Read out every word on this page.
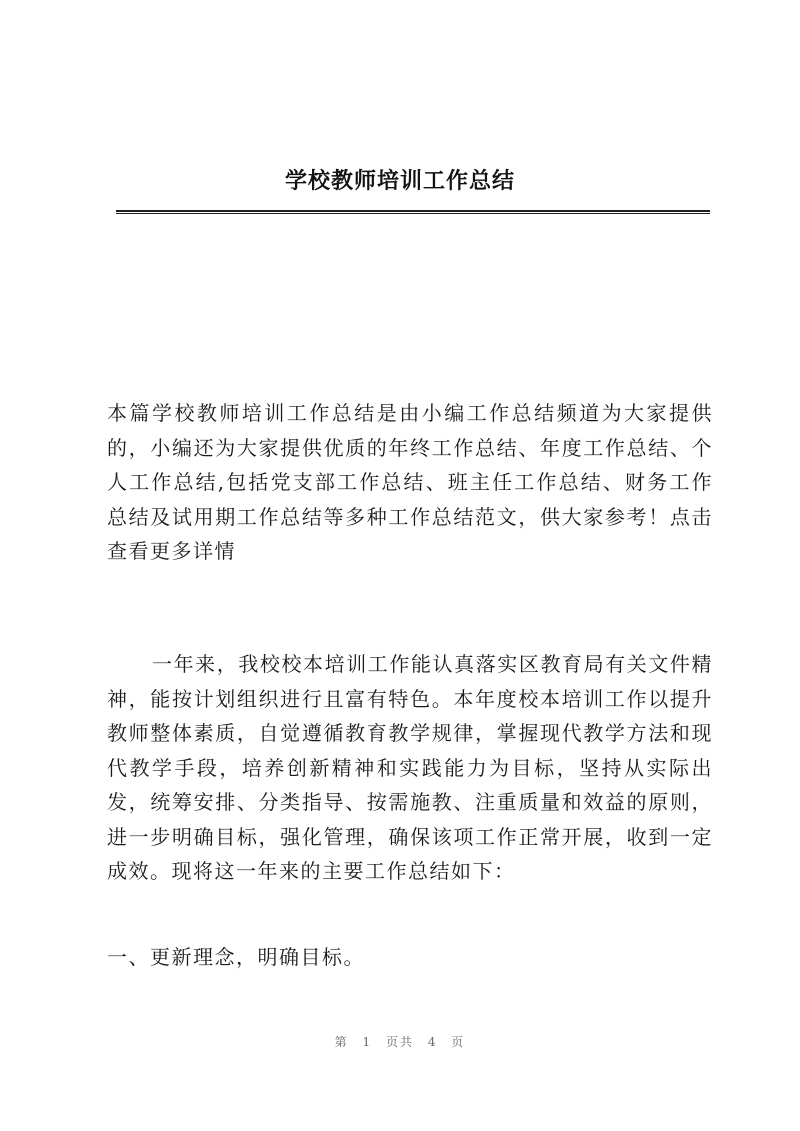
学校教师培训工作总结

本篇学校教师培训工作总结是由小编工作总结频道为大家提供的，小编还为大家提供优质的年终工作总结、年度工作总结、个人工作总结,包括党支部工作总结、班主任工作总结、财务工作总结及试用期工作总结等多种工作总结范文，供大家参考！点击查看更多详情

一年来，我校校本培训工作能认真落实区教育局有关文件精神，能按计划组织进行且富有特色。本年度校本培训工作以提升教师整体素质，自觉遵循教育教学规律，掌握现代教学方法和现代教学手段，培养创新精神和实践能力为目标，坚持从实际出发，统筹安排、分类指导、按需施教、注重质量和效益的原则，进一步明确目标，强化管理，确保该项工作正常开展，收到一定成效。现将这一年来的主要工作总结如下：

一、更新理念，明确目标。

第 1 页共 4 页
